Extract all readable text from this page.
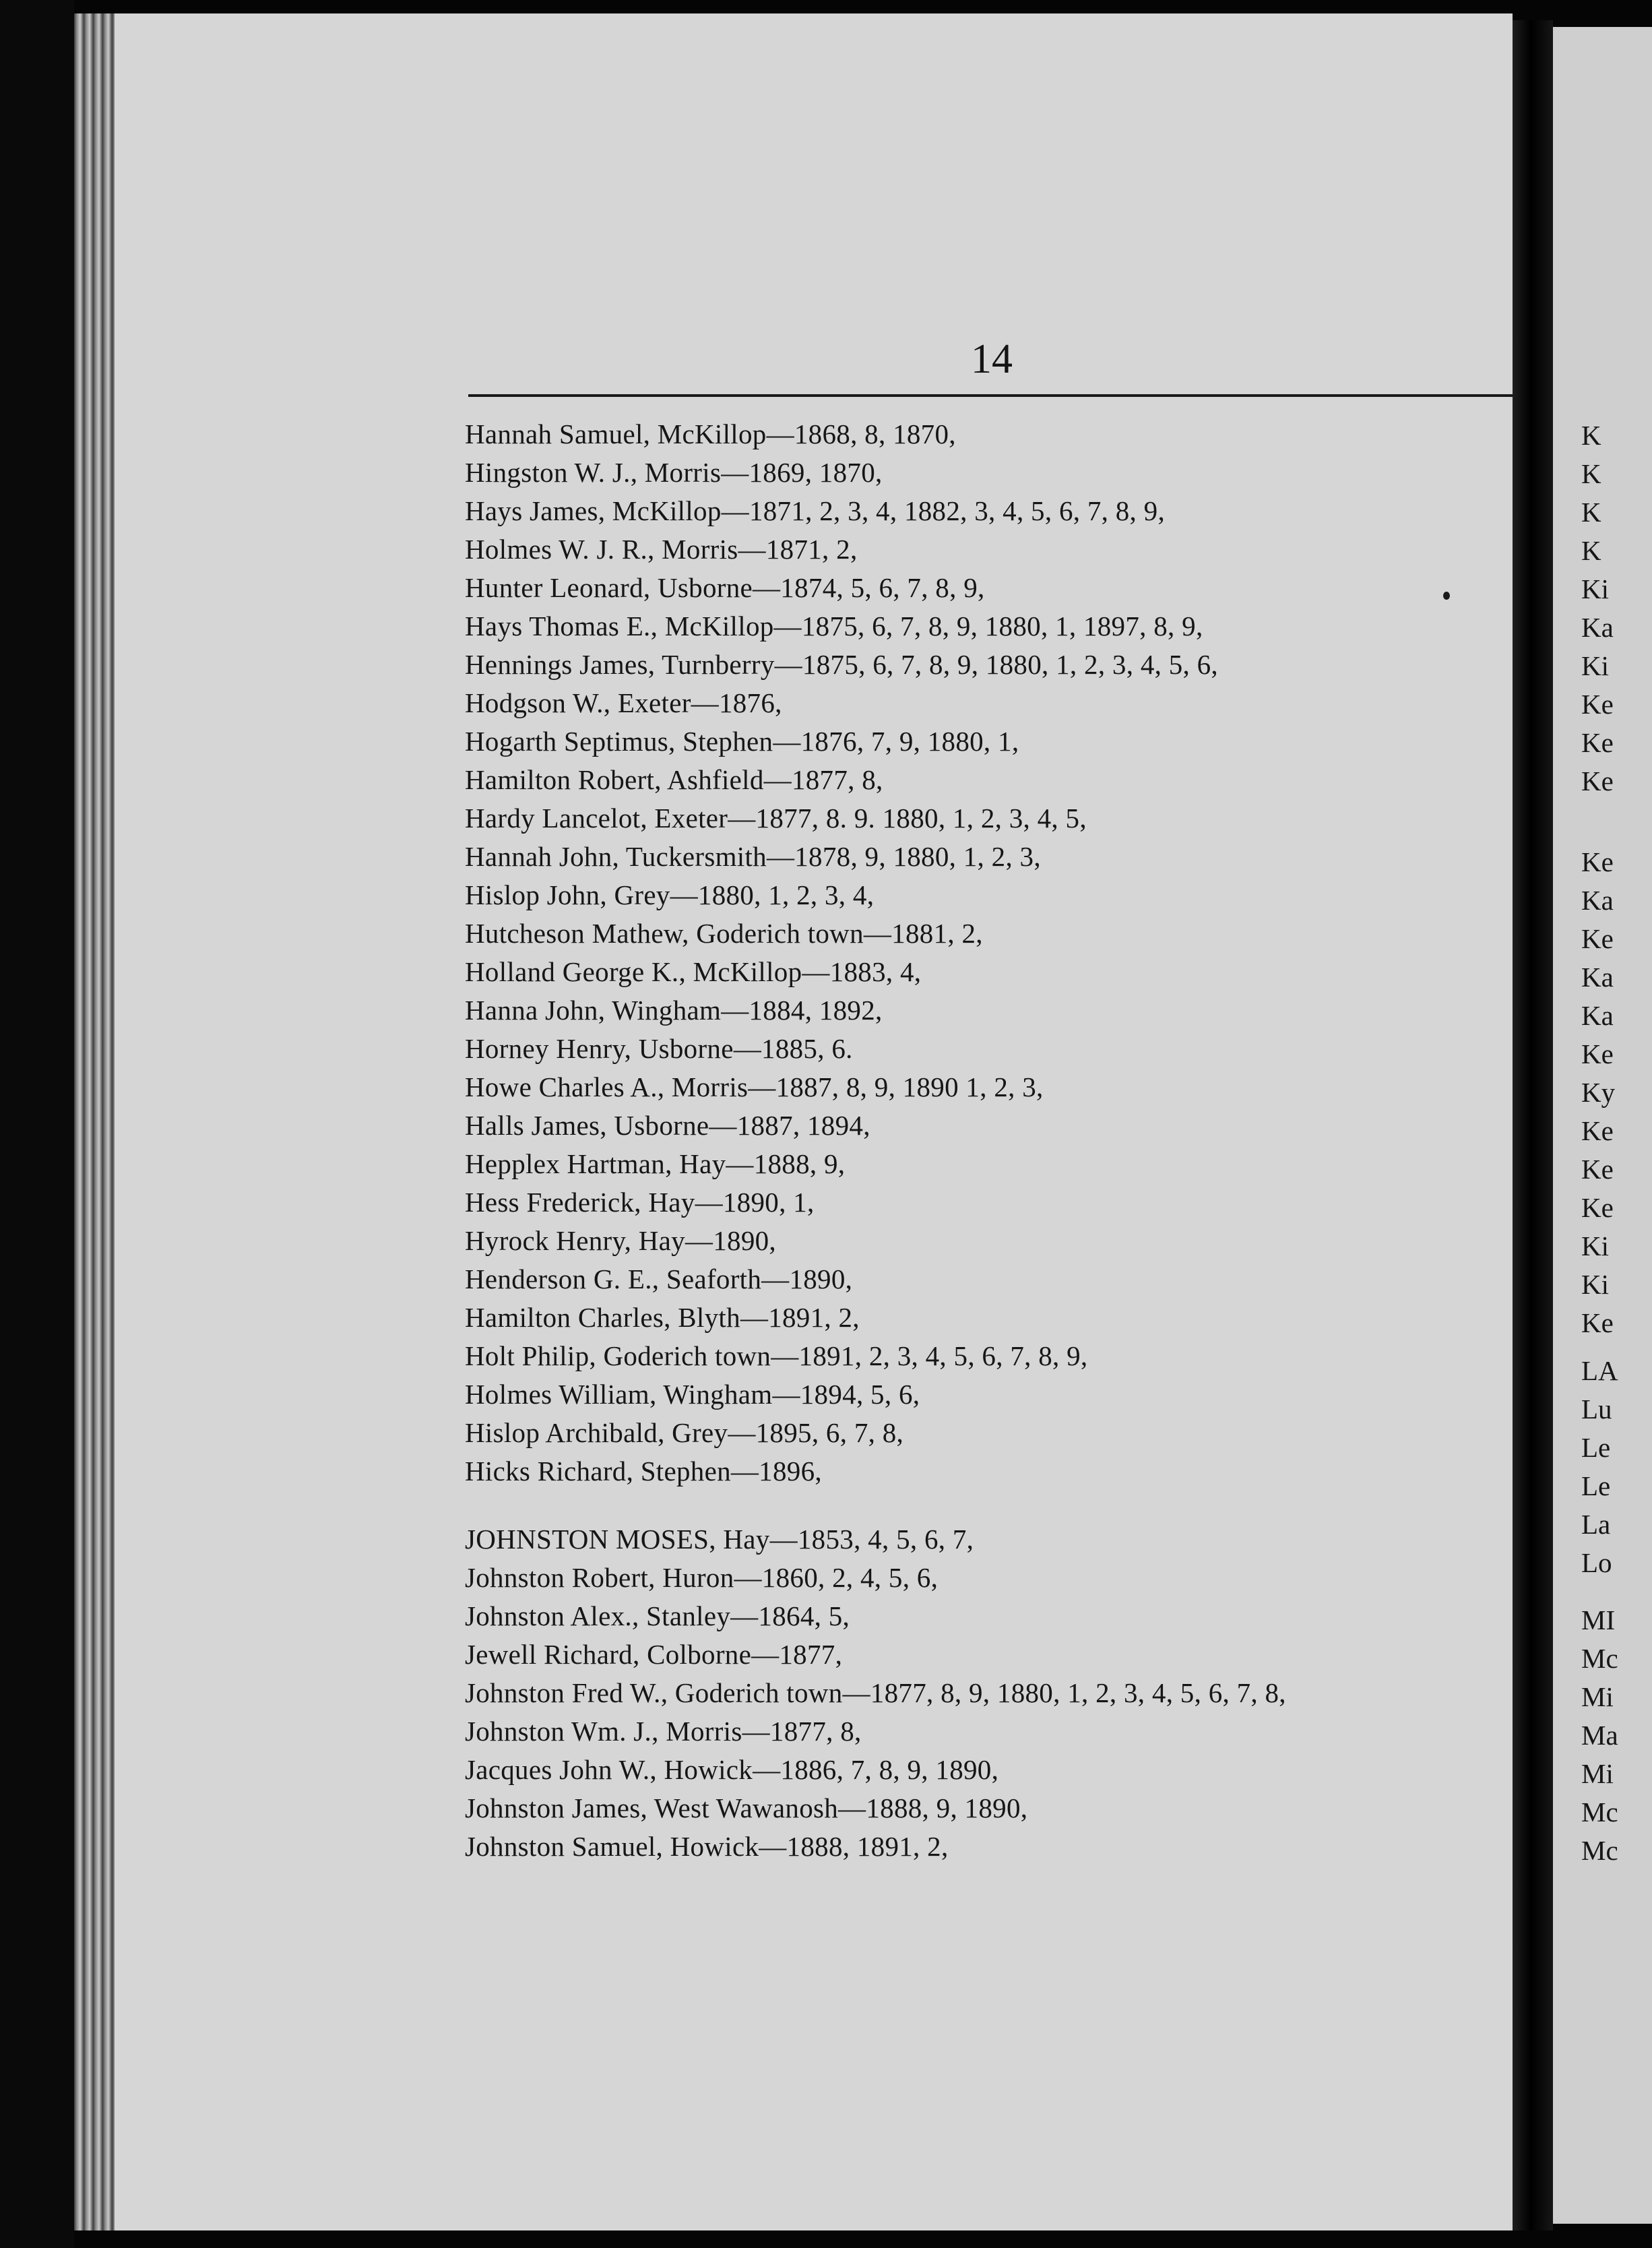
14
Hannah Samuel, McKillop—1868, 8, 1870,
Hingston W. J., Morris—1869, 1870,
Hays James, McKillop—1871, 2, 3, 4, 1882, 3, 4, 5, 6, 7, 8, 9,
Holmes W. J. R., Morris—1871, 2,
Hunter Leonard, Usborne—1874, 5, 6, 7, 8, 9,
Hays Thomas E., McKillop—1875, 6, 7, 8, 9, 1880, 1, 1897, 8, 9,
Hennings James, Turnberry—1875, 6, 7, 8, 9, 1880, 1, 2, 3, 4, 5, 6,
Hodgson W., Exeter—1876,
Hogarth Septimus, Stephen—1876, 7, 9, 1880, 1,
Hamilton Robert, Ashfield—1877, 8,
Hardy Lancelot, Exeter—1877, 8. 9. 1880, 1, 2, 3, 4, 5,
Hannah John, Tuckersmith—1878, 9, 1880, 1, 2, 3,
Hislop John, Grey—1880, 1, 2, 3, 4,
Hutcheson Mathew, Goderich town—1881, 2,
Holland George K., McKillop—1883, 4,
Hanna John, Wingham—1884, 1892,
Horney Henry, Usborne—1885, 6.
Howe Charles A., Morris—1887, 8, 9, 1890 1, 2, 3,
Halls James, Usborne—1887, 1894,
Hepplex Hartman, Hay—1888, 9,
Hess Frederick, Hay—1890, 1,
Hyrock Henry, Hay—1890,
Henderson G. E., Seaforth—1890,
Hamilton Charles, Blyth—1891, 2,
Holt Philip, Goderich town—1891, 2, 3, 4, 5, 6, 7, 8, 9,
Holmes William, Wingham—1894, 5, 6,
Hislop Archibald, Grey—1895, 6, 7, 8,
Hicks Richard, Stephen—1896,
JOHNSTON MOSES, Hay—1853, 4, 5, 6, 7,
Johnston Robert, Huron—1860, 2, 4, 5, 6,
Johnston Alex., Stanley—1864, 5,
Jewell Richard, Colborne—1877,
Johnston Fred W., Goderich town—1877, 8, 9, 1880, 1, 2, 3, 4, 5, 6, 7, 8,
Johnston Wm. J., Morris—1877, 8,
Jacques John W., Howick—1886, 7, 8, 9, 1890,
Johnston James, West Wawanosh—1888, 9, 1890,
Johnston Samuel, Howick—1888, 1891, 2,
K
K
K
K
Ki
Ka
Ki
Ke
Ke
Ke
Ke
Ka
Ke
Ka
Ka
Ke
Ky
Ke
Ke
Ke
Ki
Ki
Ke
LA
Lu
Le
Le
La
Lo
MI
Mc
Mi
Ma
Mi
Mc
Mc
